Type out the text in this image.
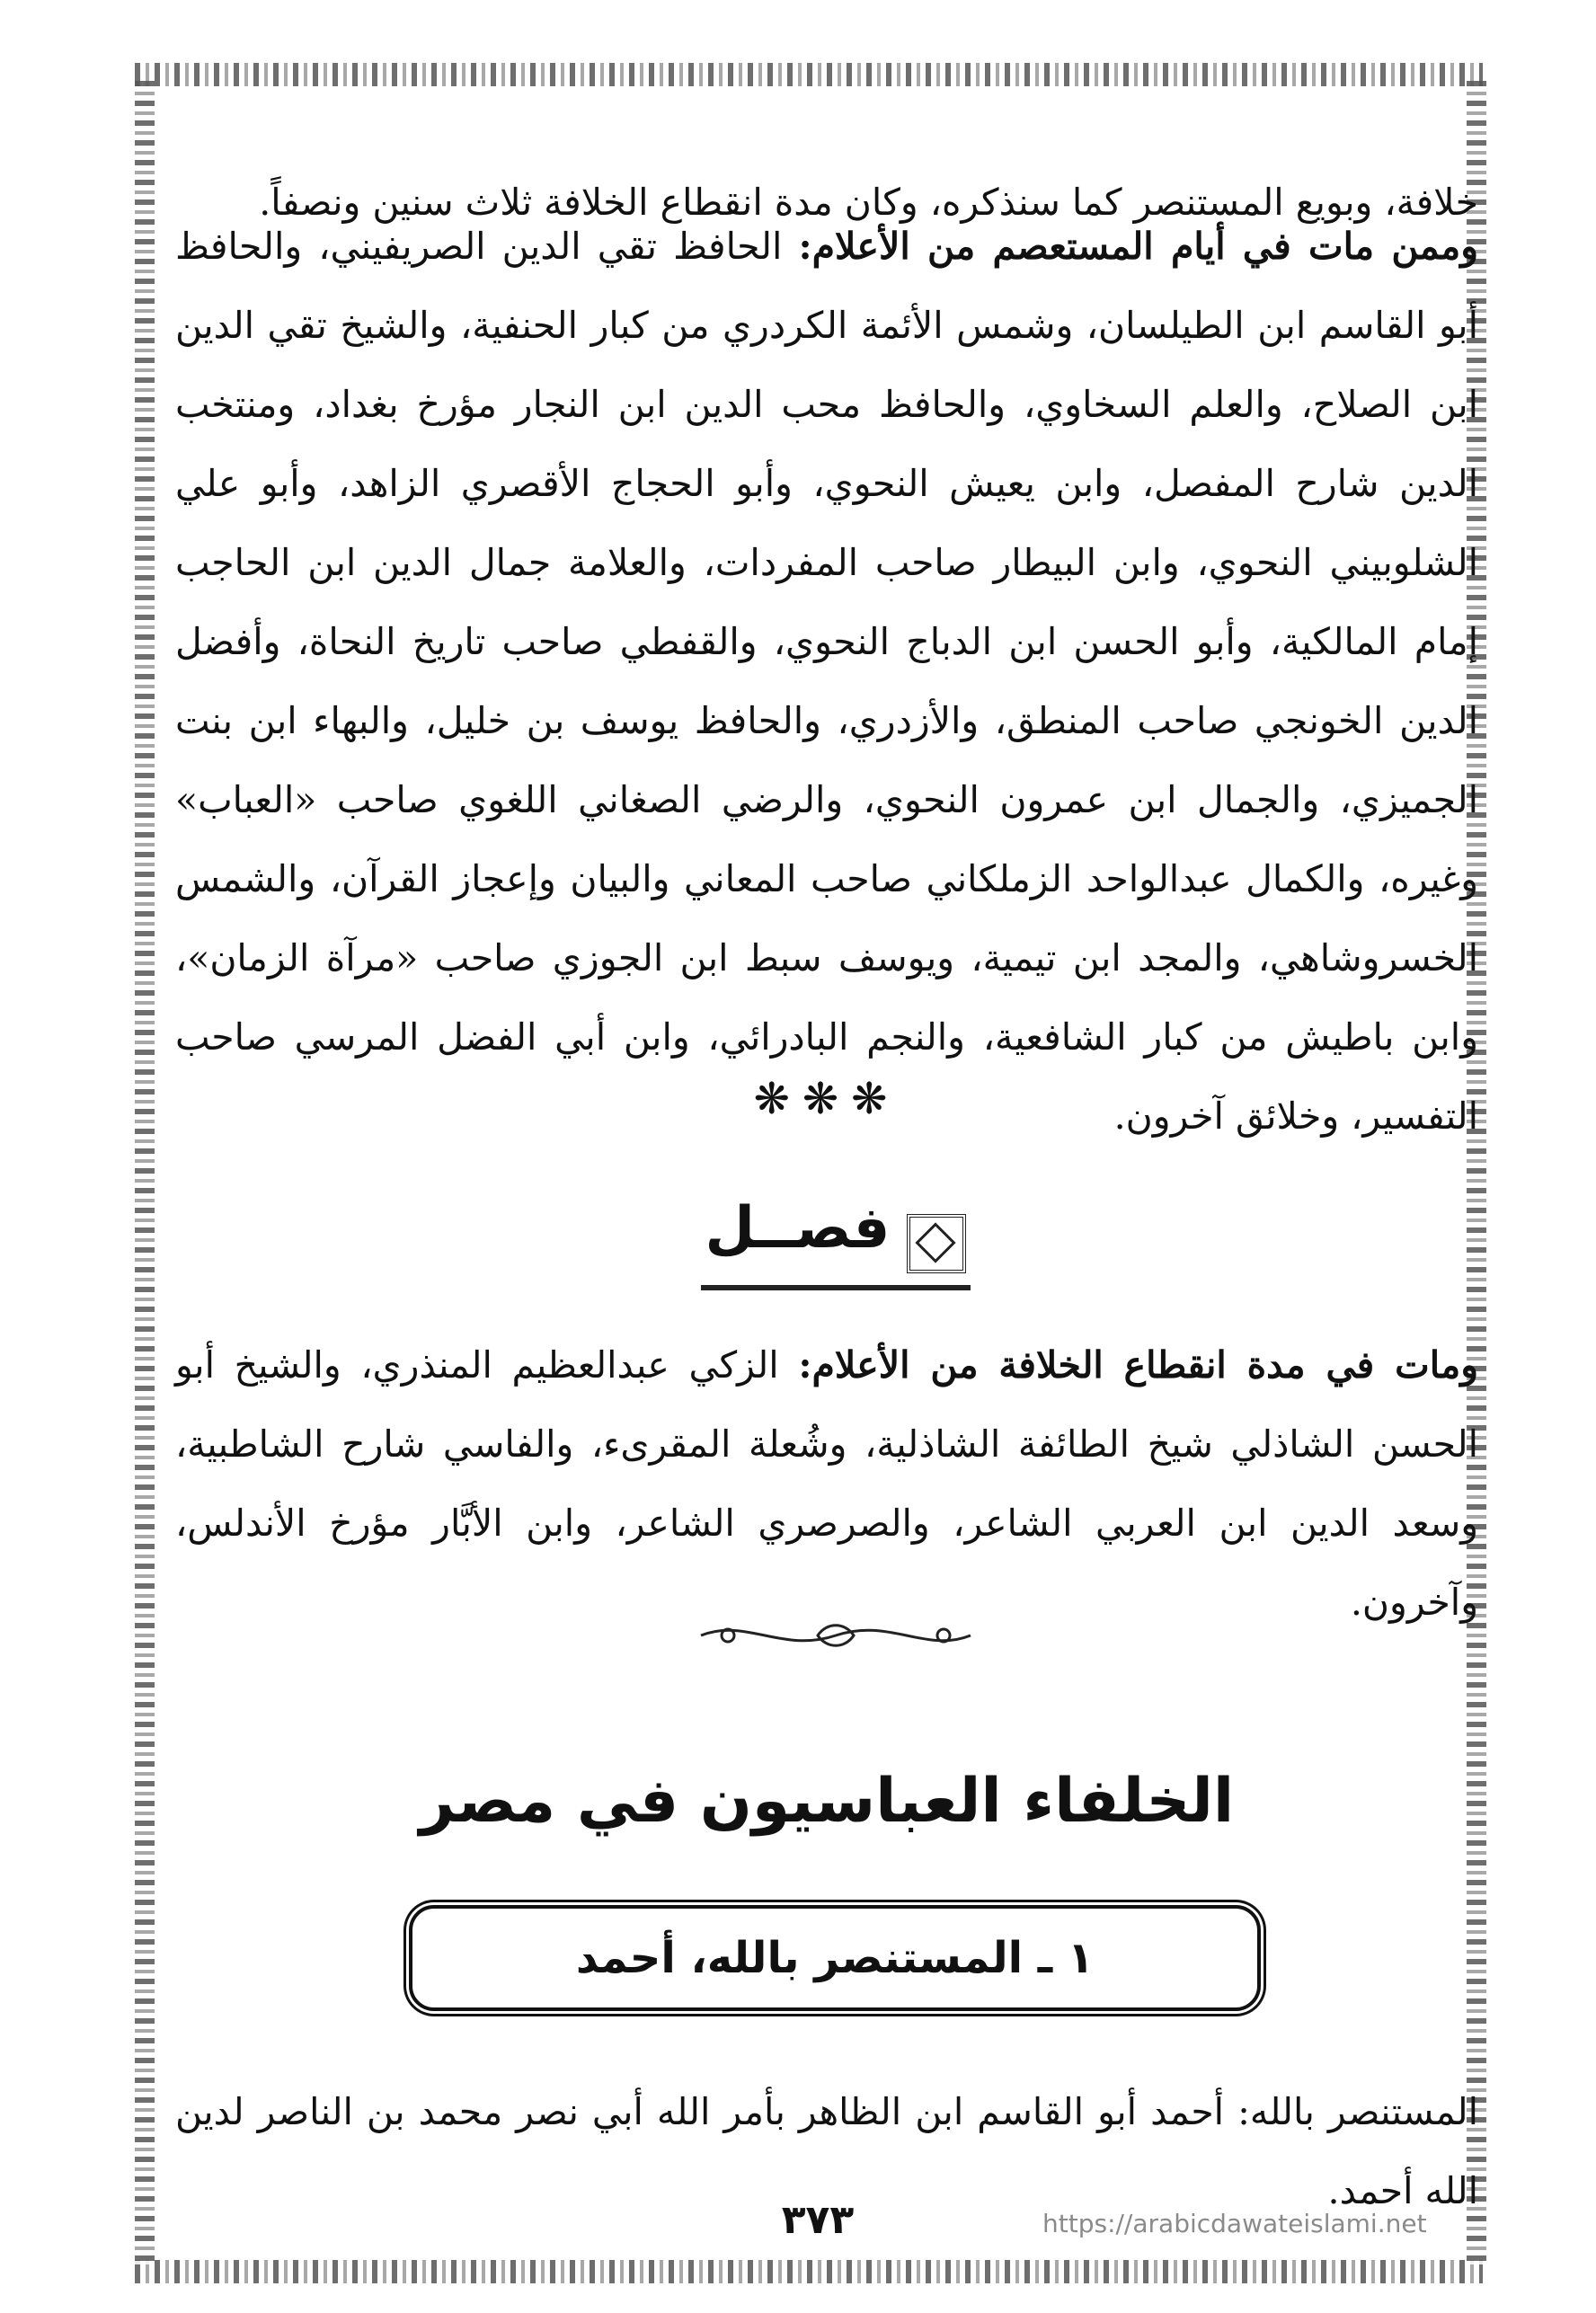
خلافة، وبويع المستنصر كما سنذكره، وكان مدة انقطاع الخلافة ثلاث سنين ونصفاً.

وممن مات في أيام المستعصم من الأعلام: الحافظ تقي الدين الصريفيني، والحافظ أبو القاسم ابن الطيلسان، وشمس الأئمة الكردري من كبار الحنفية، والشيخ تقي الدين ابن الصلاح، والعلم السخاوي، والحافظ محب الدين ابن النجار مؤرخ بغداد، ومنتخب الدين شارح المفصل، وابن يعيش النحوي، وأبو الحجاج الأقصري الزاهد، وأبو علي الشلوبيني النحوي، وابن البيطار صاحب المفردات، والعلامة جمال الدين ابن الحاجب إمام المالكية، وأبو الحسن ابن الدباج النحوي، والقفطي صاحب تاريخ النحاة، وأفضل الدين الخونجي صاحب المنطق، والأزدري، والحافظ يوسف بن خليل، والبهاء ابن بنت الجميزي، والجمال ابن عمرون النحوي، والرضي الصغاني اللغوي صاحب «العباب» وغيره، والكمال عبدالواحد الزملكاني صاحب المعاني والبيان وإعجاز القرآن، والشمس الخسروشاهي، والمجد ابن تيمية، ويوسف سبط ابن الجوزي صاحب «مرآة الزمان»، وابن باطيش من كبار الشافعية، والنجم البادرائي، وابن أبي الفضل المرسي صاحب التفسير، وخلائق آخرون.

❋❋❋
فصــل

ومات في مدة انقطاع الخلافة من الأعلام: الزكي عبدالعظيم المنذري، والشيخ أبو الحسن الشاذلي شيخ الطائفة الشاذلية، وشُعلة المقرىء، والفاسي شارح الشاطبية، وسعد الدين ابن العربي الشاعر، والصرصري الشاعر، وابن الأبَّار مؤرخ الأندلس، وآخرون.

الخلفاء العباسيون في مصر
١ ـ المستنصر بالله، أحمد

المستنصر بالله: أحمد أبو القاسم ابن الظاهر بأمر الله أبي نصر محمد بن الناصر لدين الله أحمد.

٣٧٣	https://arabicdawateislami.net
